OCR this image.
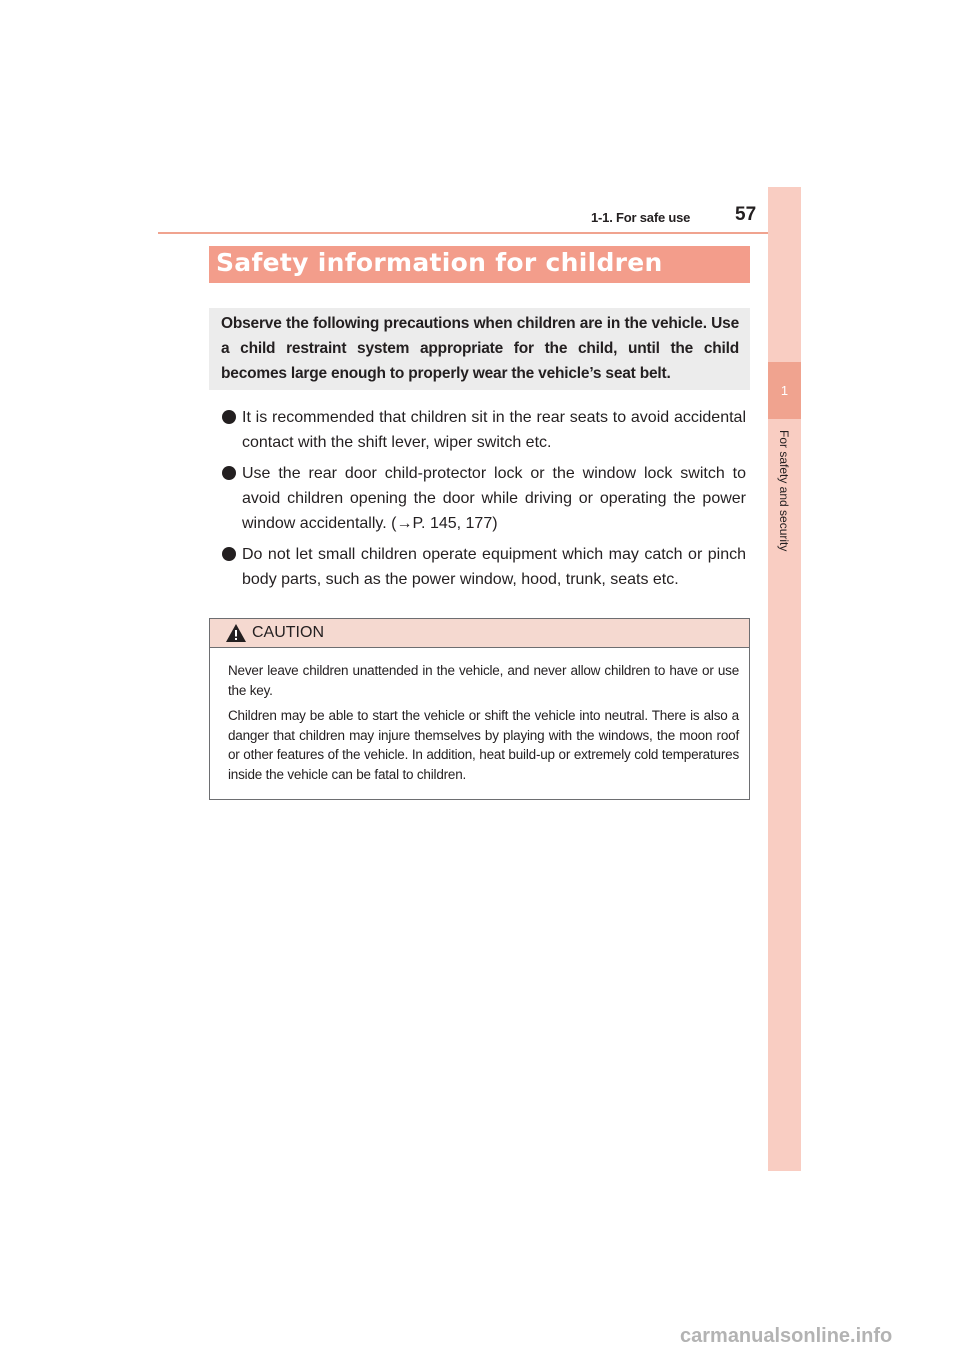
1-1. For safe use 57
1
For safety and security
Safety information for children
Observe the following precautions when children are in the vehicle. Use a child restraint system appropriate for the child, until the child becomes large enough to properly wear the vehicle’s seat belt.
It is recommended that children sit in the rear seats to avoid accidental contact with the shift lever, wiper switch etc.
Use the rear door child-protector lock or the window lock switch to avoid children opening the door while driving or operating the power window accidentally. (→P. 145, 177)
Do not let small children operate equipment which may catch or pinch body parts, such as the power window, hood, trunk, seats etc.
CAUTION

Never leave children unattended in the vehicle, and never allow children to have or use the key.

Children may be able to start the vehicle or shift the vehicle into neutral. There is also a danger that children may injure themselves by playing with the windows, the moon roof or other features of the vehicle. In addition, heat build-up or extremely cold temperatures inside the vehicle can be fatal to children.

carmanualsonline.info
